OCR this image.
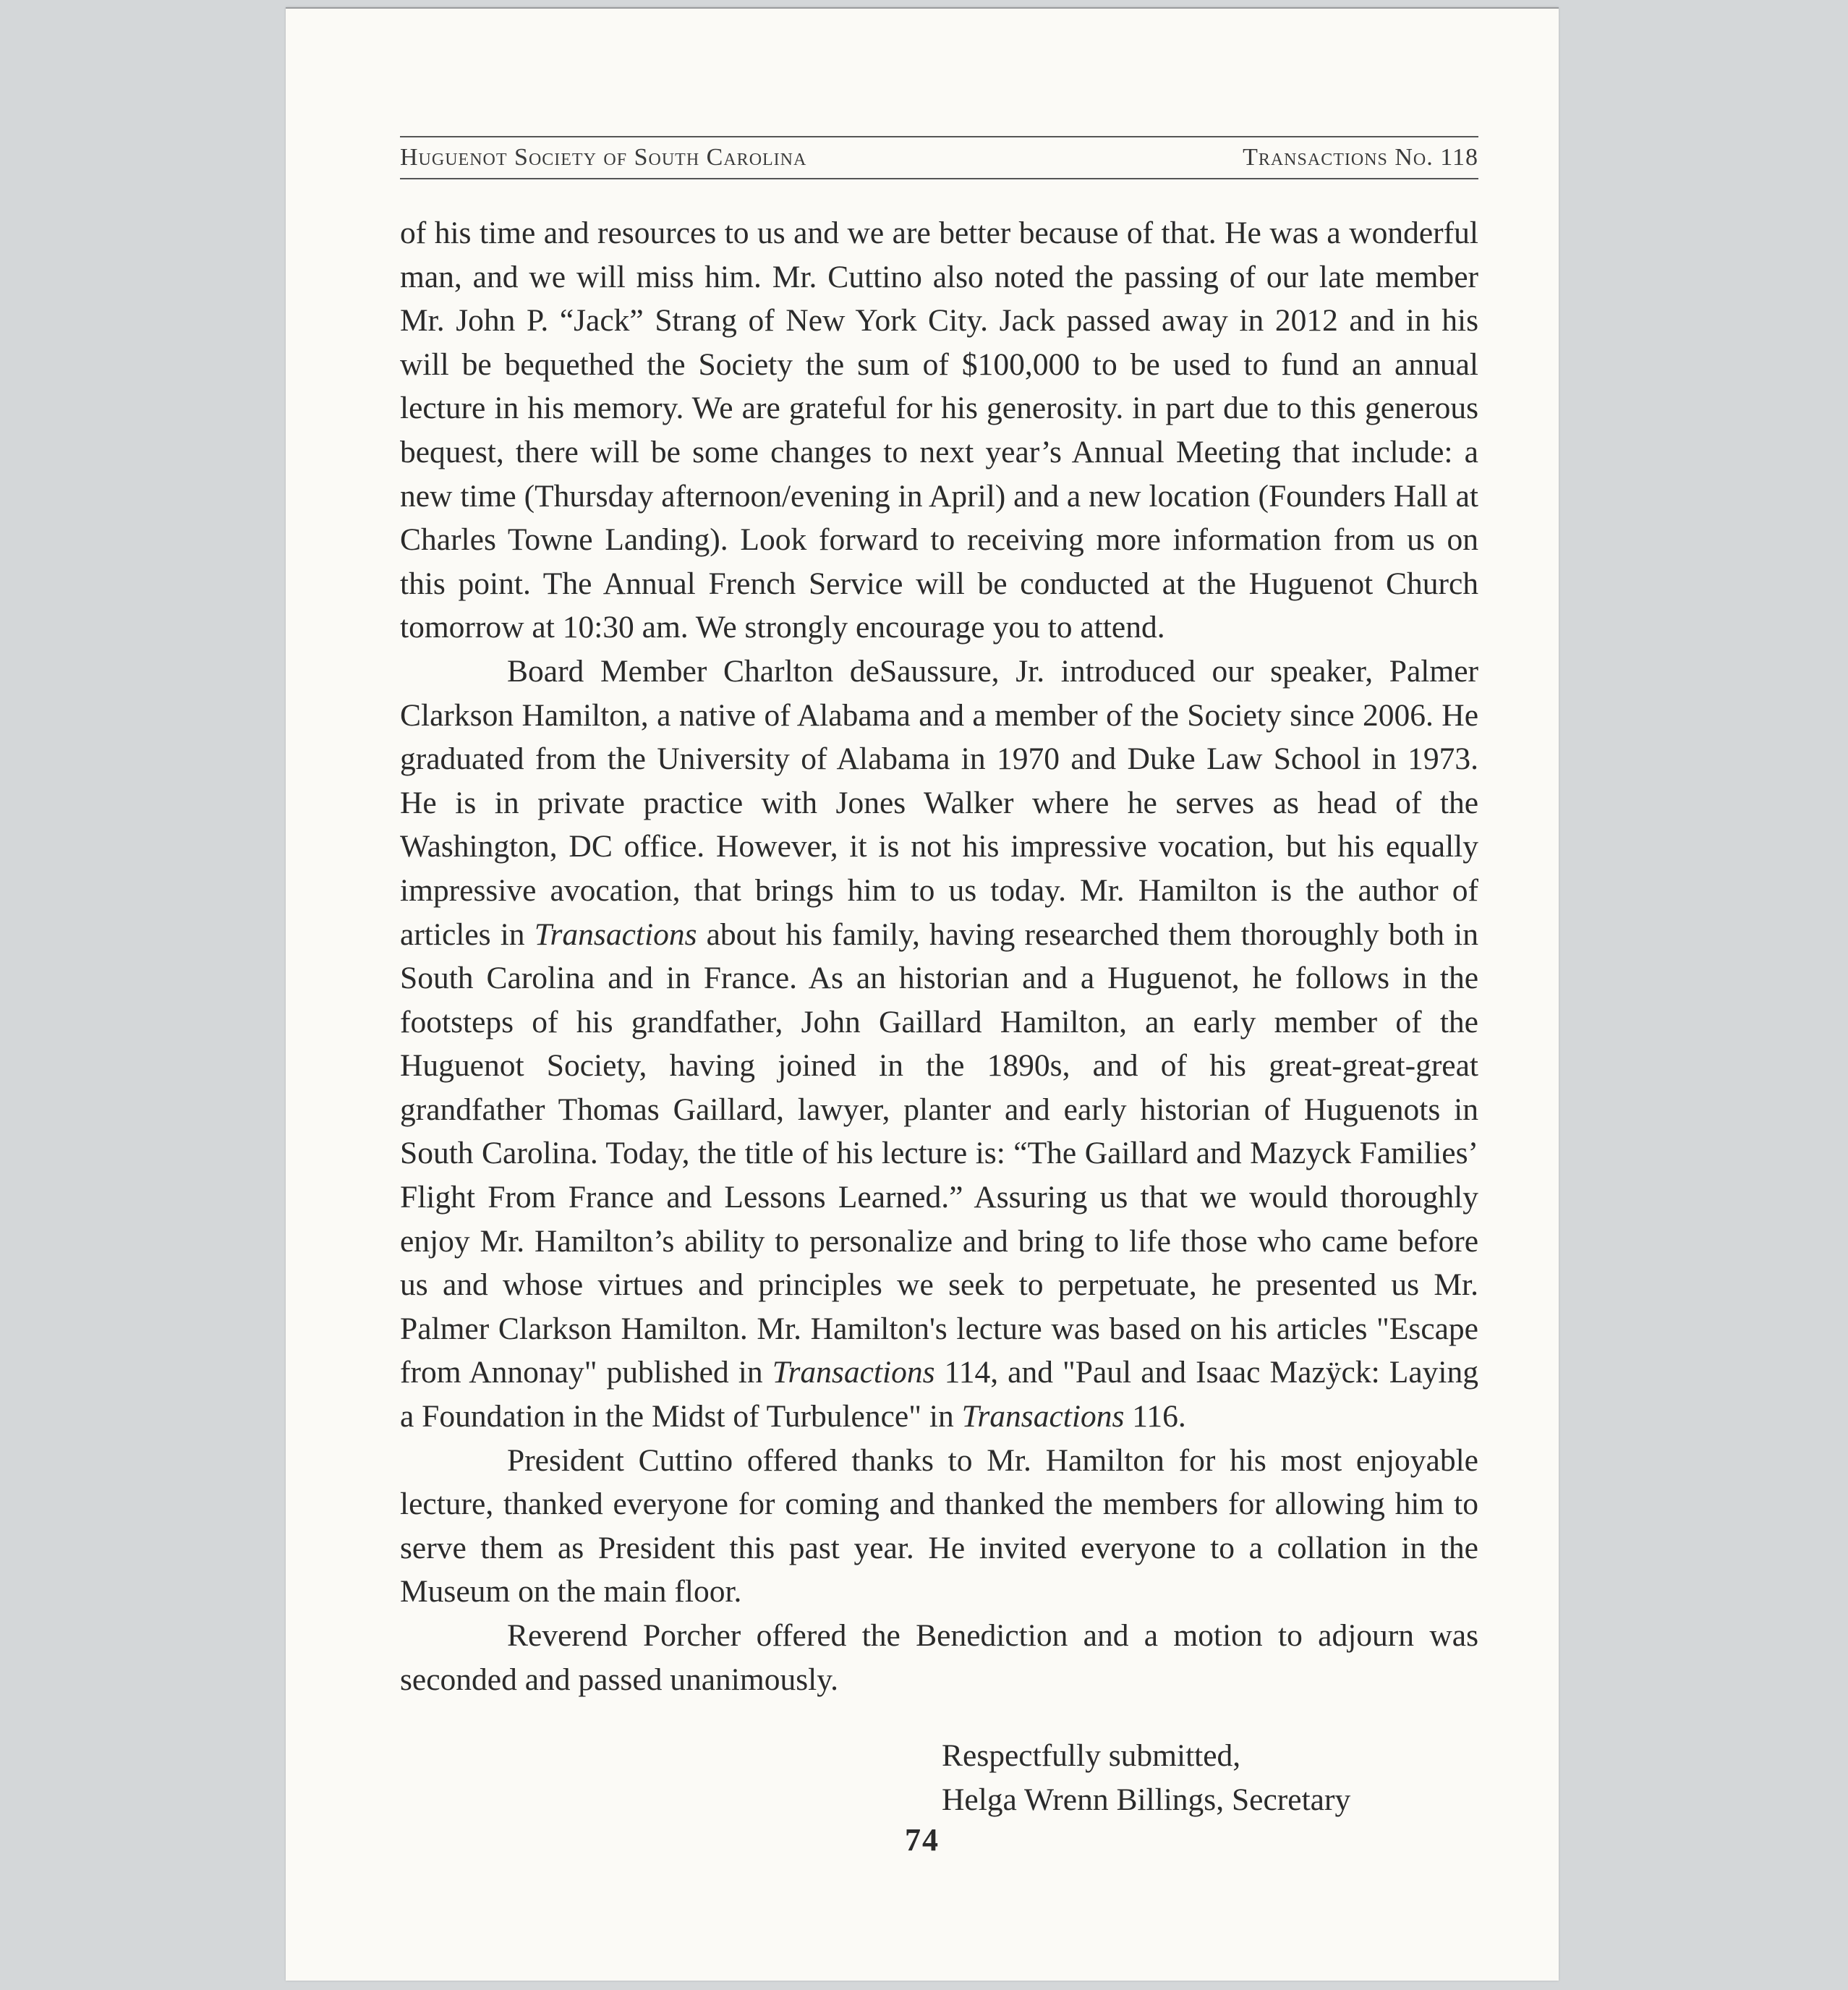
Huguenot Society of South Carolina	Transactions No. 118

of his time and resources to us and we are better because of that. He was a wonderful man, and we will miss him. Mr. Cuttino also noted the passing of our late member Mr. John P. “Jack” Strang of New York City. Jack passed away in 2012 and in his will be bequethed the Society the sum of $100,000 to be used to fund an annual lecture in his memory. We are grateful for his generosity. in part due to this generous bequest, there will be some changes to next year’s Annual Meeting that include: a new time (Thursday afternoon/evening in April) and a new location (Founders Hall at Charles Towne Landing). Look forward to receiving more information from us on this point. The Annual French Service will be conducted at the Huguenot Church tomorrow at 10:30 am. We strongly encourage you to attend.

Board Member Charlton deSaussure, Jr. introduced our speaker, Palmer Clarkson Hamilton, a native of Alabama and a member of the Society since 2006. He graduated from the University of Alabama in 1970 and Duke Law School in 1973. He is in private practice with Jones Walker where he serves as head of the Washington, DC office. However, it is not his impressive vocation, but his equally impressive avocation, that brings him to us today. Mr. Hamilton is the author of articles in Transactions about his family, having researched them thoroughly both in South Carolina and in France. As an historian and a Huguenot, he follows in the footsteps of his grandfather, John Gaillard Hamilton, an early member of the Huguenot Society, having joined in the 1890s, and of his great-great-great grandfather Thomas Gaillard, lawyer, planter and early historian of Huguenots in South Carolina. Today, the title of his lecture is: “The Gaillard and Mazyck Families’ Flight From France and Lessons Learned.” Assuring us that we would thoroughly enjoy Mr. Hamilton’s ability to personalize and bring to life those who came before us and whose virtues and principles we seek to perpetuate, he presented us Mr. Palmer Clarkson Hamilton. Mr. Hamilton's lecture was based on his articles "Escape from Annonay" published in Transactions 114, and "Paul and Isaac Mazÿck: Laying a Foundation in the Midst of Turbulence" in Transactions 116.

President Cuttino offered thanks to Mr. Hamilton for his most enjoyable lecture, thanked everyone for coming and thanked the members for allowing him to serve them as President this past year. He invited everyone to a collation in the Museum on the main floor.

Reverend Porcher offered the Benediction and a motion to adjourn was seconded and passed unanimously.

Respectfully submitted,
Helga Wrenn Billings, Secretary
74
